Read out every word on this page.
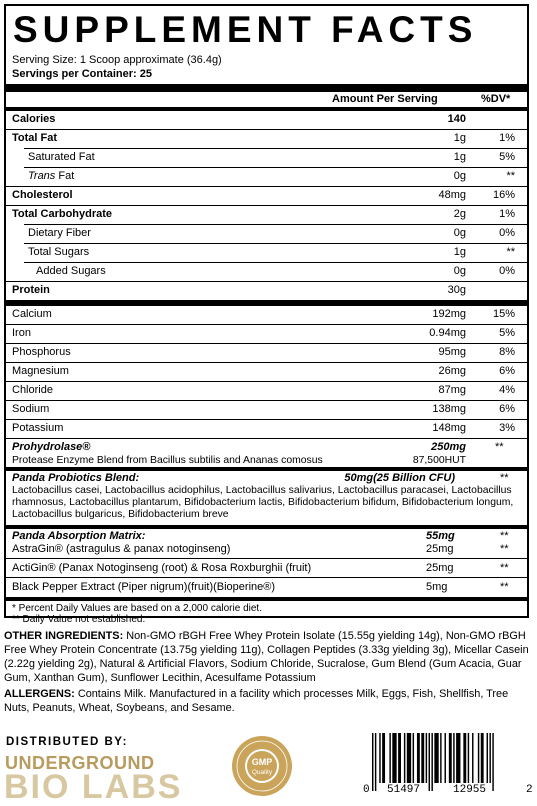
SUPPLEMENT FACTS
Serving Size: 1 Scoop approximate (36.4g)
Servings per Container: 25
Amount Per Serving	%DV*
Calories	140
Total Fat	1g	1%
Saturated Fat	1g	5%
Trans Fat	0g	**
Cholesterol	48mg 16%
Total Carbohydrate	2g	1%
Dietary Fiber	0g	0%
Total Sugars	1g	**
Added Sugars	0g	0%
Protein	30g
Calcium	192mg 15%
Iron	0.94mg	5%
Phosphorus	95mg	8%
Magnesium	26mg	6%
Chloride	87mg	4%
Sodium	138mg	6%
Potassium	148mg	3%
Prohydrolase®	250mg	**
Protease Enzyme Blend from Bacillus subtilis and Ananas comosus	87,500HUT
Panda Probiotics Blend:	50mg(25 Billion CFU)	**
Lactobacillus casei, Lactobacillus acidophilus, Lactobacillus salivarius, Lactobacillus paracasei, Lactobacillus rhamnosus, Lactobacillus plantarum, Bifidobacterium lactis, Bifidobacterium bifidum, Bifidobacterium longum, Lactobacillus bulgaricus, Bifidobacterium breve
Panda Absorption Matrix:	55mg	**
AstraGin® (astragulus & panax notoginseng)	25mg	**
ActiGin® (Panax Notoginseng (root) & Rosa Roxburghii (fruit)	25mg	**
Black Pepper Extract (Piper nigrum)(fruit)(Bioperine®)	5mg	**
* Percent Daily Values are based on a 2,000 calorie diet.
** Daily Value not established.
OTHER INGREDIENTS: Non-GMO rBGH Free Whey Protein Isolate (15.55g yielding 14g), Non-GMO rBGH Free Whey Protein Concentrate (13.75g yielding 11g), Collagen Peptides (3.33g yielding 3g), Micellar Casein (2.22g yielding 2g), Natural & Artificial Flavors, Sodium Chloride, Sucralose, Gum Blend (Gum Acacia, Guar Gum, Xanthan Gum), Sunflower Lecithin, Acesulfame Potassium
ALLERGENS: Contains Milk. Manufactured in a facility which processes Milk, Eggs, Fish, Shellfish, Tree Nuts, Peanuts, Wheat, Soybeans, and Sesame.
DISTRIBUTED BY:
UNDERGROUND
BIO LABS
GMP
Quality
0 51497	12955	2
